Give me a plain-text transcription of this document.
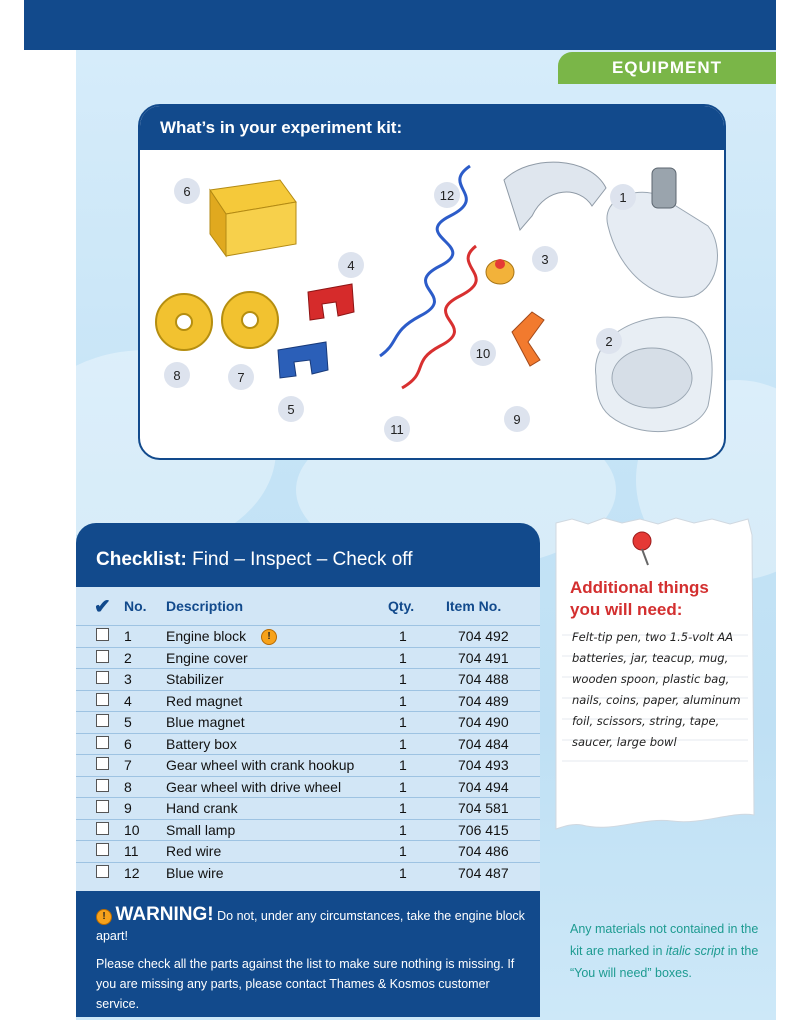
EQUIPMENT
What’s in your experiment kit:
6	1
12
3
4
2
10
8	7
5
9
11
Checklist: Find – Inspect – Check off
✔ No. Description	Qty. Item No.
1 Engine block	1	704 492
!
2 Engine cover	1	704 491
3 Stabilizer	1	704 488
4 Red magnet	1	704 489
5 Blue magnet	1	704 490
6 Battery box	1	704 484
7 Gear wheel with crank hookup	1	704 493
8 Gear wheel with drive wheel	1	704 494
9 Hand crank	1	704 581
10 Small lamp	1	706 415
11 Red wire	1	704 486
12 Blue wire	1	704 487
! WARNING! Do not, under any circumstances, take the engine block apart!

Please check all the parts against the list to make sure nothing is missing. If you are missing any parts, please contact Thames & Kosmos customer service.

Additional things
you will need:
Felt-tip pen, two 1.5-volt AA batteries, jar, teacup, mug, wooden spoon, plastic bag, nails, coins, paper, aluminum foil, scissors, string, tape, saucer, large bowl
Any materials not contained in the kit are marked in italic script in the “You will need” boxes.
